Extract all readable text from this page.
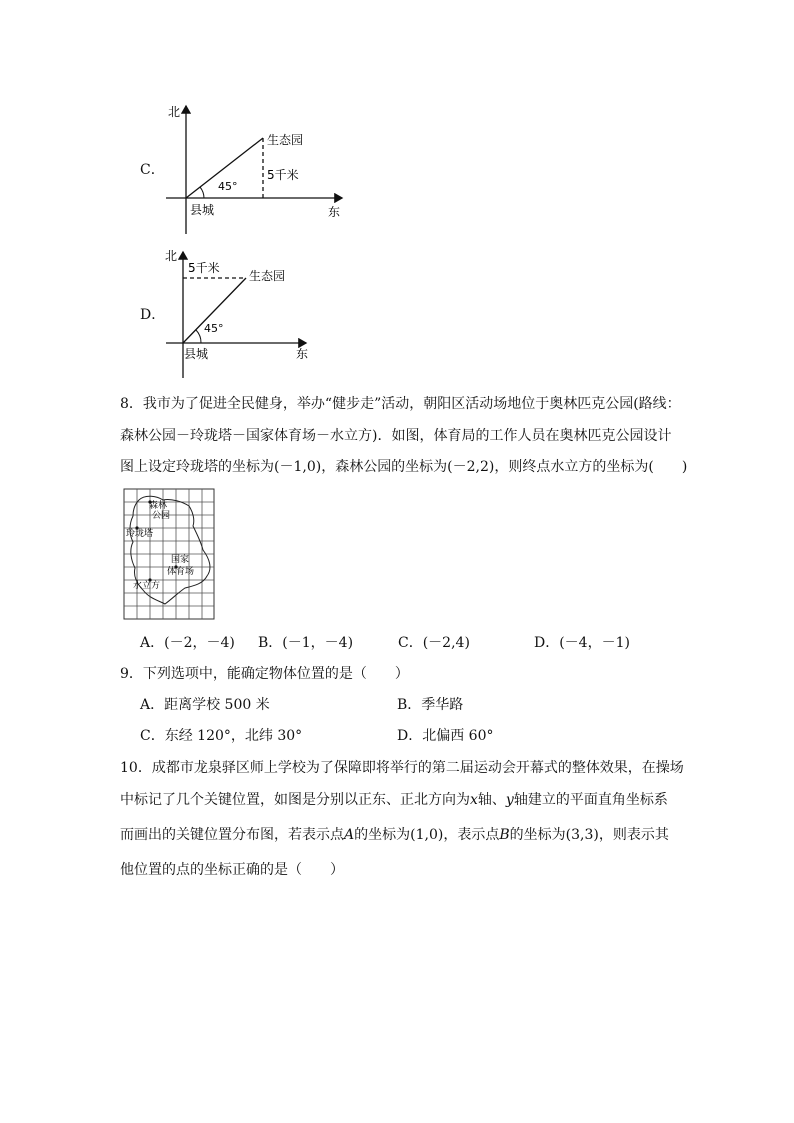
C．
北
东
县城
生态园
5千米
45°
D．
北
东
县城
生态园
5千米
45°
8．我市为了促进全民健身，举办“健步走”活动，朝阳区活动场地位于奥林匹克公园(路线：
森林公园－玲珑塔－国家体育场－水立方)．如图，体育局的工作人员在奥林匹克公园设计
图上设定玲珑塔的坐标为(－1,0)，森林公园的坐标为(－2,2)，则终点水立方的坐标为(　　)
森林
公园
玲珑塔
国家
体育场
水立方
A．(－2，－4) B．(－1，－4)	C．(－2,4)	D．(－4，－1)
9．下列选项中，能确定物体位置的是（　　）
A．距离学校 500 米	B．季华路
C．东经 120°，北纬 30°	D．北偏西 60°
10．成都市龙泉驿区师上学校为了保障即将举行的第二届运动会开幕式的整体效果，在操场
中标记了几个关键位置，如图是分别以正东、正北方向为x轴、y轴建立的平面直角坐标系
而画出的关键位置分布图，若表示点A的坐标为(1,0)，表示点B的坐标为(3,3)，则表示其
他位置的点的坐标正确的是（　　）
